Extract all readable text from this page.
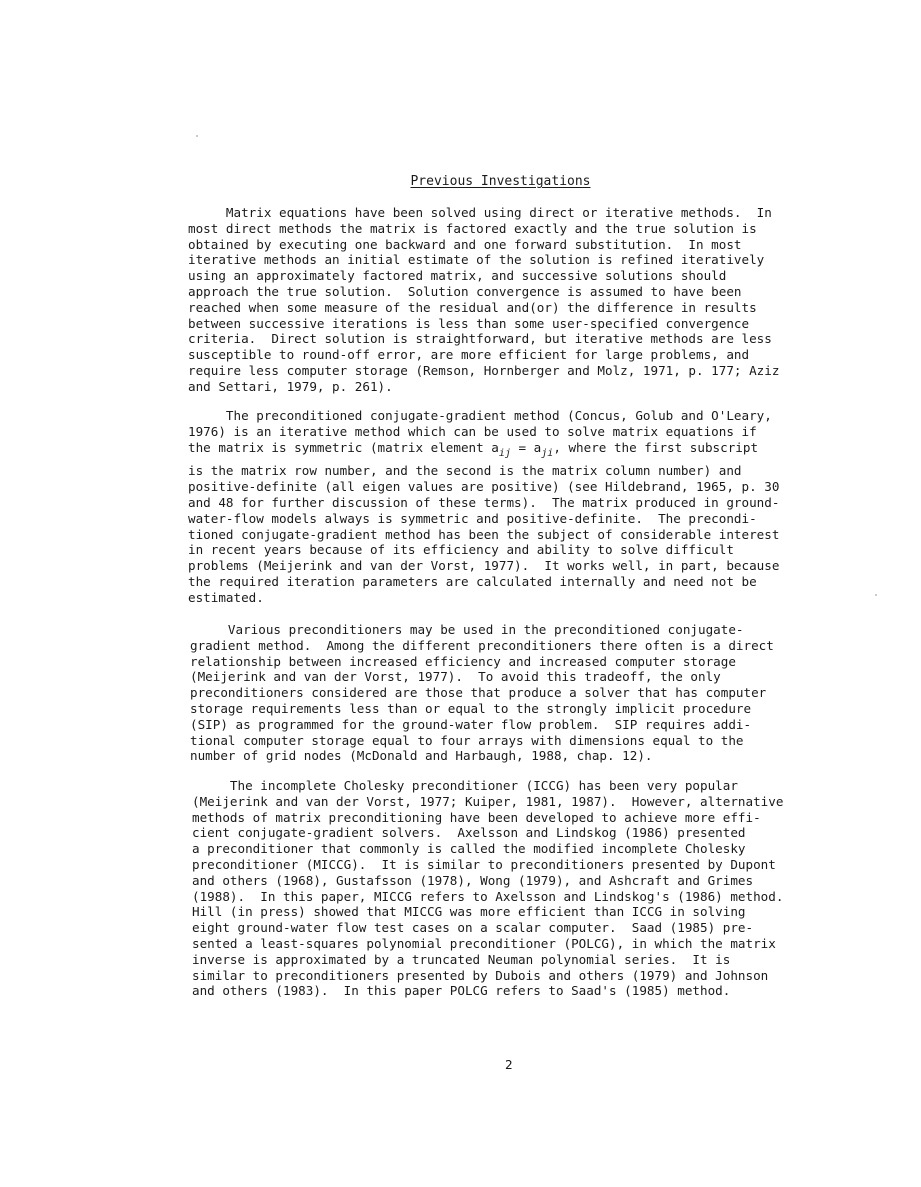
Previous Investigations
Matrix equations have been solved using direct or iterative methods.  In
most direct methods the matrix is factored exactly and the true solution is
obtained by executing one backward and one forward substitution.  In most
iterative methods an initial estimate of the solution is refined iteratively
using an approximately factored matrix, and successive solutions should
approach the true solution.  Solution convergence is assumed to have been
reached when some measure of the residual and(or) the difference in results
between successive iterations is less than some user-specified convergence
criteria.  Direct solution is straightforward, but iterative methods are less
susceptible to round-off error, are more efficient for large problems, and
require less computer storage (Remson, Hornberger and Molz, 1971, p. 177; Aziz
and Settari, 1979, p. 261).
The preconditioned conjugate-gradient method (Concus, Golub and O'Leary,
1976) is an iterative method which can be used to solve matrix equations if
the matrix is symmetric (matrix element $a_{ij} = a_{ji}$, where the first subscript
is the matrix row number, and the second is the matrix column number) and
positive-definite (all eigen values are positive) (see Hildebrand, 1965, p. 30
and 48 for further discussion of these terms).  The matrix produced in ground-
water-flow models always is symmetric and positive-definite.  The precondi-
tioned conjugate-gradient method has been the subject of considerable interest
in recent years because of its efficiency and ability to solve difficult
problems (Meijerink and van der Vorst, 1977).  It works well, in part, because
the required iteration parameters are calculated internally and need not be
estimated.
Various preconditioners may be used in the preconditioned conjugate-
gradient method.  Among the different preconditioners there often is a direct
relationship between increased efficiency and increased computer storage
(Meijerink and van der Vorst, 1977).  To avoid this tradeoff, the only
preconditioners considered are those that produce a solver that has computer
storage requirements less than or equal to the strongly implicit procedure
(SIP) as programmed for the ground-water flow problem.  SIP requires addi-
tional computer storage equal to four arrays with dimensions equal to the
number of grid nodes (McDonald and Harbaugh, 1988, chap. 12).
The incomplete Cholesky preconditioner (ICCG) has been very popular
(Meijerink and van der Vorst, 1977; Kuiper, 1981, 1987).  However, alternative
methods of matrix preconditioning have been developed to achieve more effi-
cient conjugate-gradient solvers.  Axelsson and Lindskog (1986) presented
a preconditioner that commonly is called the modified incomplete Cholesky
preconditioner (MICCG).  It is similar to preconditioners presented by Dupont
and others (1968), Gustafsson (1978), Wong (1979), and Ashcraft and Grimes
(1988).  In this paper, MICCG refers to Axelsson and Lindskog's (1986) method.
Hill (in press) showed that MICCG was more efficient than ICCG in solving
eight ground-water flow test cases on a scalar computer.  Saad (1985) pre-
sented a least-squares polynomial preconditioner (POLCG), in which the matrix
inverse is approximated by a truncated Neuman polynomial series.  It is
similar to preconditioners presented by Dubois and others (1979) and Johnson
and others (1983).  In this paper POLCG refers to Saad's (1985) method.
2
